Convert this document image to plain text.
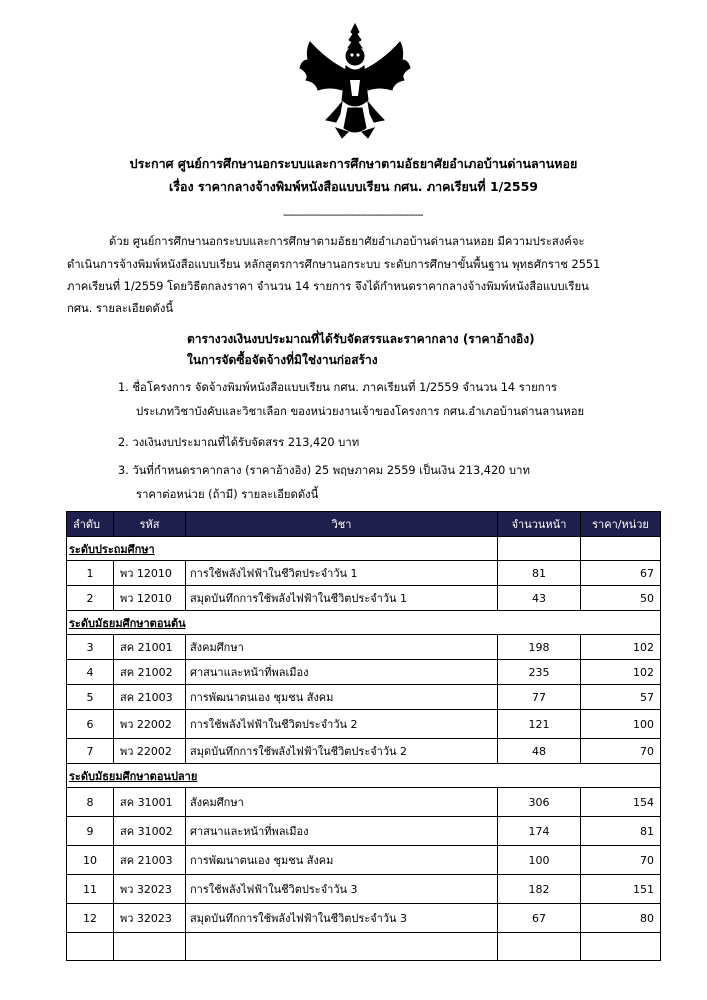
ประกาศ ศูนย์การศึกษานอกระบบและการศึกษาตามอัธยาศัยอำเภอบ้านด่านลานหอย
เรื่อง ราคากลางจ้างพิมพ์หนังสือแบบเรียน กศน. ภาคเรียนที่ 1/2559
-----------------------------------------------
ด้วย ศูนย์การศึกษานอกระบบและการศึกษาตามอัธยาศัยอำเภอบ้านด่านลานหอย มีความประสงค์จะ
ดำเนินการจ้างพิมพ์หนังสือแบบเรียน หลักสูตรการศึกษานอกระบบ ระดับการศึกษาขั้นพื้นฐาน พุทธศักราช 2551
ภาคเรียนที่ 1/2559 โดยวิธีตกลงราคา จำนวน 14 รายการ จึงได้กำหนดราคากลางจ้างพิมพ์หนังสือแบบเรียน
กศน. รายละเอียดดังนี้
ตารางวงเงินงบประมาณที่ได้รับจัดสรรและราคากลาง (ราคาอ้างอิง)
ในการจัดซื้อจัดจ้างที่มิใช่งานก่อสร้าง
1. ชื่อโครงการ จัดจ้างพิมพ์หนังสือแบบเรียน กศน. ภาคเรียนที่ 1/2559 จำนวน 14 รายการ
ประเภทวิชาบังคับและวิชาเลือก ของหน่วยงานเจ้าของโครงการ กศน.อำเภอบ้านด่านลานหอย
2. วงเงินงบประมาณที่ได้รับจัดสรร 213,420 บาท
3. วันที่กำหนดราคากลาง (ราคาอ้างอิง) 25 พฤษภาคม 2559 เป็นเงิน 213,420 บาท
ราคาต่อหน่วย (ถ้ามี) รายละเอียดดังนี้
ลำดับ	รหัส	วิชา	จำนวนหน้า	ราคา/หน่วย
ระดับประถมศึกษา				
1	พว 12010	การใช้พลังไฟฟ้าในชีวิตประจำวัน 1	81	67
2	พว 12010	สมุดบันทึกการใช้พลังไฟฟ้าในชีวิตประจำวัน 1	43	50
ระดับมัธยมศึกษาตอนต้น				
3	สค 21001	สังคมศึกษา	198	102
4	สค 21002	ศาสนาและหน้าที่พลเมือง	235	102
5	สค 21003	การพัฒนาตนเอง ชุมชน สังคม	77	57
6	พว 22002	การใช้พลังไฟฟ้าในชีวิตประจำวัน 2	121	100
7	พว 22002	สมุดบันทึกการใช้พลังไฟฟ้าในชีวิตประจำวัน 2	48	70
ระดับมัธยมศึกษาตอนปลาย				
8	สค 31001	สังคมศึกษา	306	154
9	สค 31002	ศาสนาและหน้าที่พลเมือง	174	81
10	สค 21003	การพัฒนาตนเอง ชุมชน สังคม	100	70
11	พว 32023	การใช้พลังไฟฟ้าในชีวิตประจำวัน 3	182	151
12	พว 32023	สมุดบันทึกการใช้พลังไฟฟ้าในชีวิตประจำวัน 3	67	80
